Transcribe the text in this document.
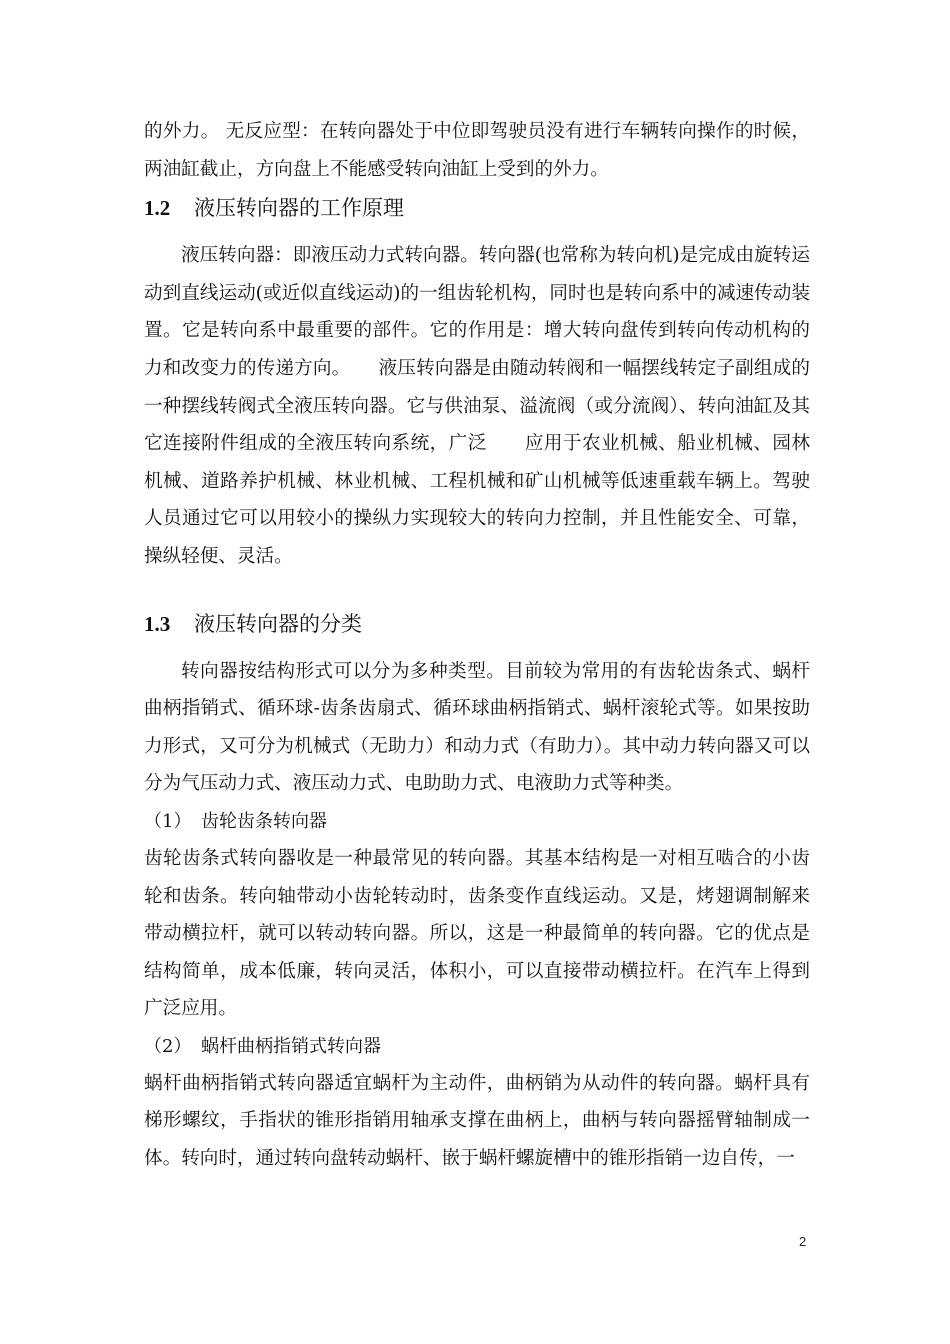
的外力。 无反应型：在转向器处于中位即驾驶员没有进行车辆转向操作的时候，两油缸截止，方向盘上不能感受转向油缸上受到的外力。

1.2 液压转向器的工作原理

液压转向器：即液压动力式转向器。转向器(也常称为转向机)是完成由旋转运动到直线运动(或近似直线运动)的一组齿轮机构，同时也是转向系中的减速传动装置。它是转向系中最重要的部件。它的作用是：增大转向盘传到转向传动机构的力和改变力的传递方向。　　液压转向器是由随动转阀和一幅摆线转定子副组成的一种摆线转阀式全液压转向器。它与供油泵、溢流阀（或分流阀）、转向油缸及其它连接附件组成的全液压转向系统，广泛　　应用于农业机械、船业机械、园林机械、道路养护机械、林业机械、工程机械和矿山机械等低速重载车辆上。驾驶人员通过它可以用较小的操纵力实现较大的转向力控制，并且性能安全、可靠，操纵轻便、灵活。

1.3 液压转向器的分类

转向器按结构形式可以分为多种类型。目前较为常用的有齿轮齿条式、蜗杆曲柄指销式、循环球-齿条齿扇式、循环球曲柄指销式、蜗杆滚轮式等。如果按助力形式，又可分为机械式（无助力）和动力式（有助力）。其中动力转向器又可以分为气压动力式、液压动力式、电助助力式、电液助力式等种类。

（1） 齿轮齿条转向器

齿轮齿条式转向器收是一种最常见的转向器。其基本结构是一对相互啮合的小齿轮和齿条。转向轴带动小齿轮转动时，齿条变作直线运动。又是，烤翅调制解来带动横拉杆，就可以转动转向器。所以，这是一种最简单的转向器。它的优点是结构简单，成本低廉，转向灵活，体积小，可以直接带动横拉杆。在汽车上得到广泛应用。

（2） 蜗杆曲柄指销式转向器

蜗杆曲柄指销式转向器适宜蜗杆为主动件，曲柄销为从动件的转向器。蜗杆具有梯形螺纹，手指状的锥形指销用轴承支撑在曲柄上，曲柄与转向器摇臂轴制成一体。转向时，通过转向盘转动蜗杆、嵌于蜗杆螺旋槽中的锥形指销一边自传，一

2
